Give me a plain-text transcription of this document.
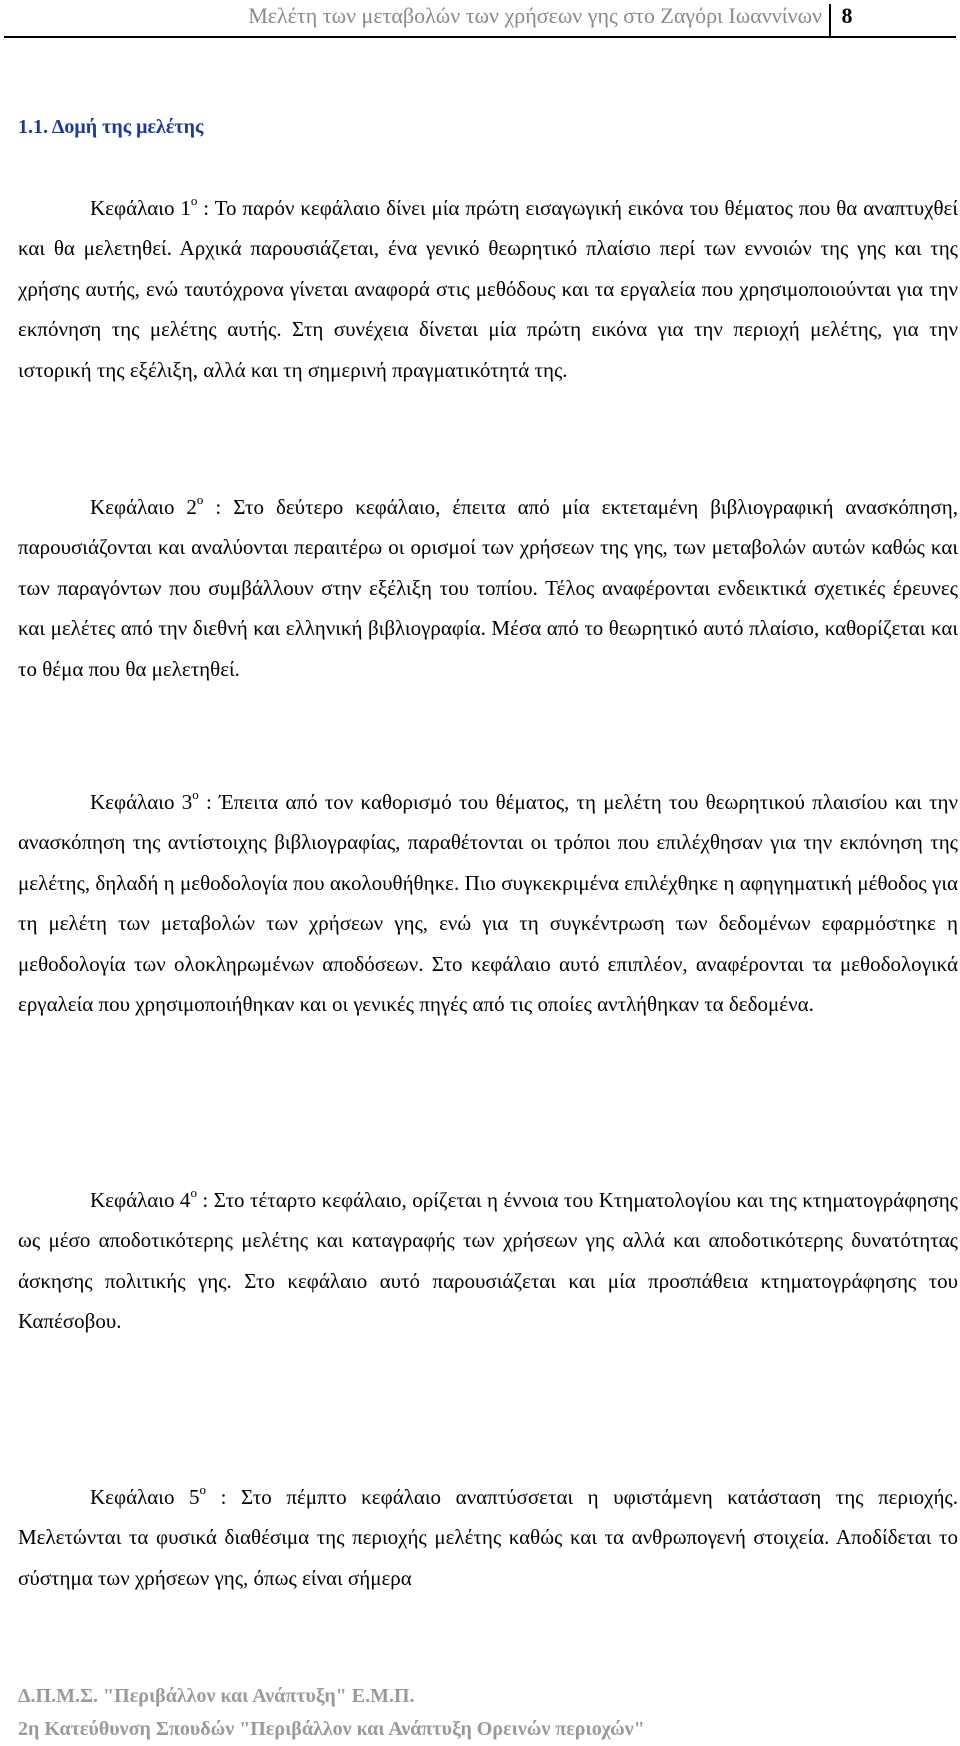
Μελέτη των μεταβολών των χρήσεων γης στο Ζαγόρι Ιωαννίνων 8
1.1. Δομή της μελέτης

Κεφάλαιο $1^o$ : Το παρόν κεφάλαιο δίνει μία πρώτη εισαγωγική εικόνα του θέματος που θα αναπτυχθεί και θα μελετηθεί. Αρχικά παρουσιάζεται, ένα γενικό θεωρητικό πλαίσιο περί των εννοιών της γης και της χρήσης αυτής, ενώ ταυτόχρονα γίνεται αναφορά στις μεθόδους και τα εργαλεία που χρησιμοποιούνται για την εκπόνηση της μελέτης αυτής. Στη συνέχεια δίνεται μία πρώτη εικόνα για την περιοχή μελέτης, για την ιστορική της εξέλιξη, αλλά και τη σημερινή πραγματικότητά της.

Κεφάλαιο $2^o$ : Στο δεύτερο κεφάλαιο, έπειτα από μία εκτεταμένη βιβλιογραφική ανασκόπηση, παρουσιάζονται και αναλύονται περαιτέρω οι ορισμοί των χρήσεων της γης, των μεταβολών αυτών καθώς και των παραγόντων που συμβάλλουν στην εξέλιξη του τοπίου. Τέλος αναφέρονται ενδεικτικά σχετικές έρευνες και μελέτες από την διεθνή και ελληνική βιβλιογραφία. Μέσα από το θεωρητικό αυτό πλαίσιο, καθορίζεται και το θέμα που θα μελετηθεί.

Κεφάλαιο $3^o$ : Έπειτα από τον καθορισμό του θέματος, τη μελέτη του θεωρητικού πλαισίου και την ανασκόπηση της αντίστοιχης βιβλιογραφίας, παραθέτονται οι τρόποι που επιλέχθησαν για την εκπόνηση της μελέτης, δηλαδή η μεθοδολογία που ακολουθήθηκε. Πιο συγκεκριμένα επιλέχθηκε η αφηγηματική μέθοδος για τη μελέτη των μεταβολών των χρήσεων γης, ενώ για τη συγκέντρωση των δεδομένων εφαρμόστηκε η μεθοδολογία των ολοκληρωμένων αποδόσεων. Στο κεφάλαιο αυτό επιπλέον, αναφέρονται τα μεθοδολογικά εργαλεία που χρησιμοποιήθηκαν και οι γενικές πηγές από τις οποίες αντλήθηκαν τα δεδομένα.

Κεφάλαιο $4^o$ : Στο τέταρτο κεφάλαιο, ορίζεται η έννοια του Κτηματολογίου και της κτηματογράφησης ως μέσο αποδοτικότερης μελέτης και καταγραφής των χρήσεων γης αλλά και αποδοτικότερης δυνατότητας άσκησης πολιτικής γης. Στο κεφάλαιο αυτό παρουσιάζεται και μία προσπάθεια κτηματογράφησης του Καπέσοβου.

Κεφάλαιο $5^o$ : Στο πέμπτο κεφάλαιο αναπτύσσεται η υφιστάμενη κατάσταση της περιοχής. Μελετώνται τα φυσικά διαθέσιμα της περιοχής μελέτης καθώς και τα ανθρωπογενή στοιχεία. Αποδίδεται το σύστημα των χρήσεων γης, όπως είναι σήμερα

Δ.Π.Μ.Σ. "Περιβάλλον και Ανάπτυξη" Ε.Μ.Π.
2η Κατεύθυνση Σπουδών "Περιβάλλον και Ανάπτυξη Ορεινών περιοχών"
